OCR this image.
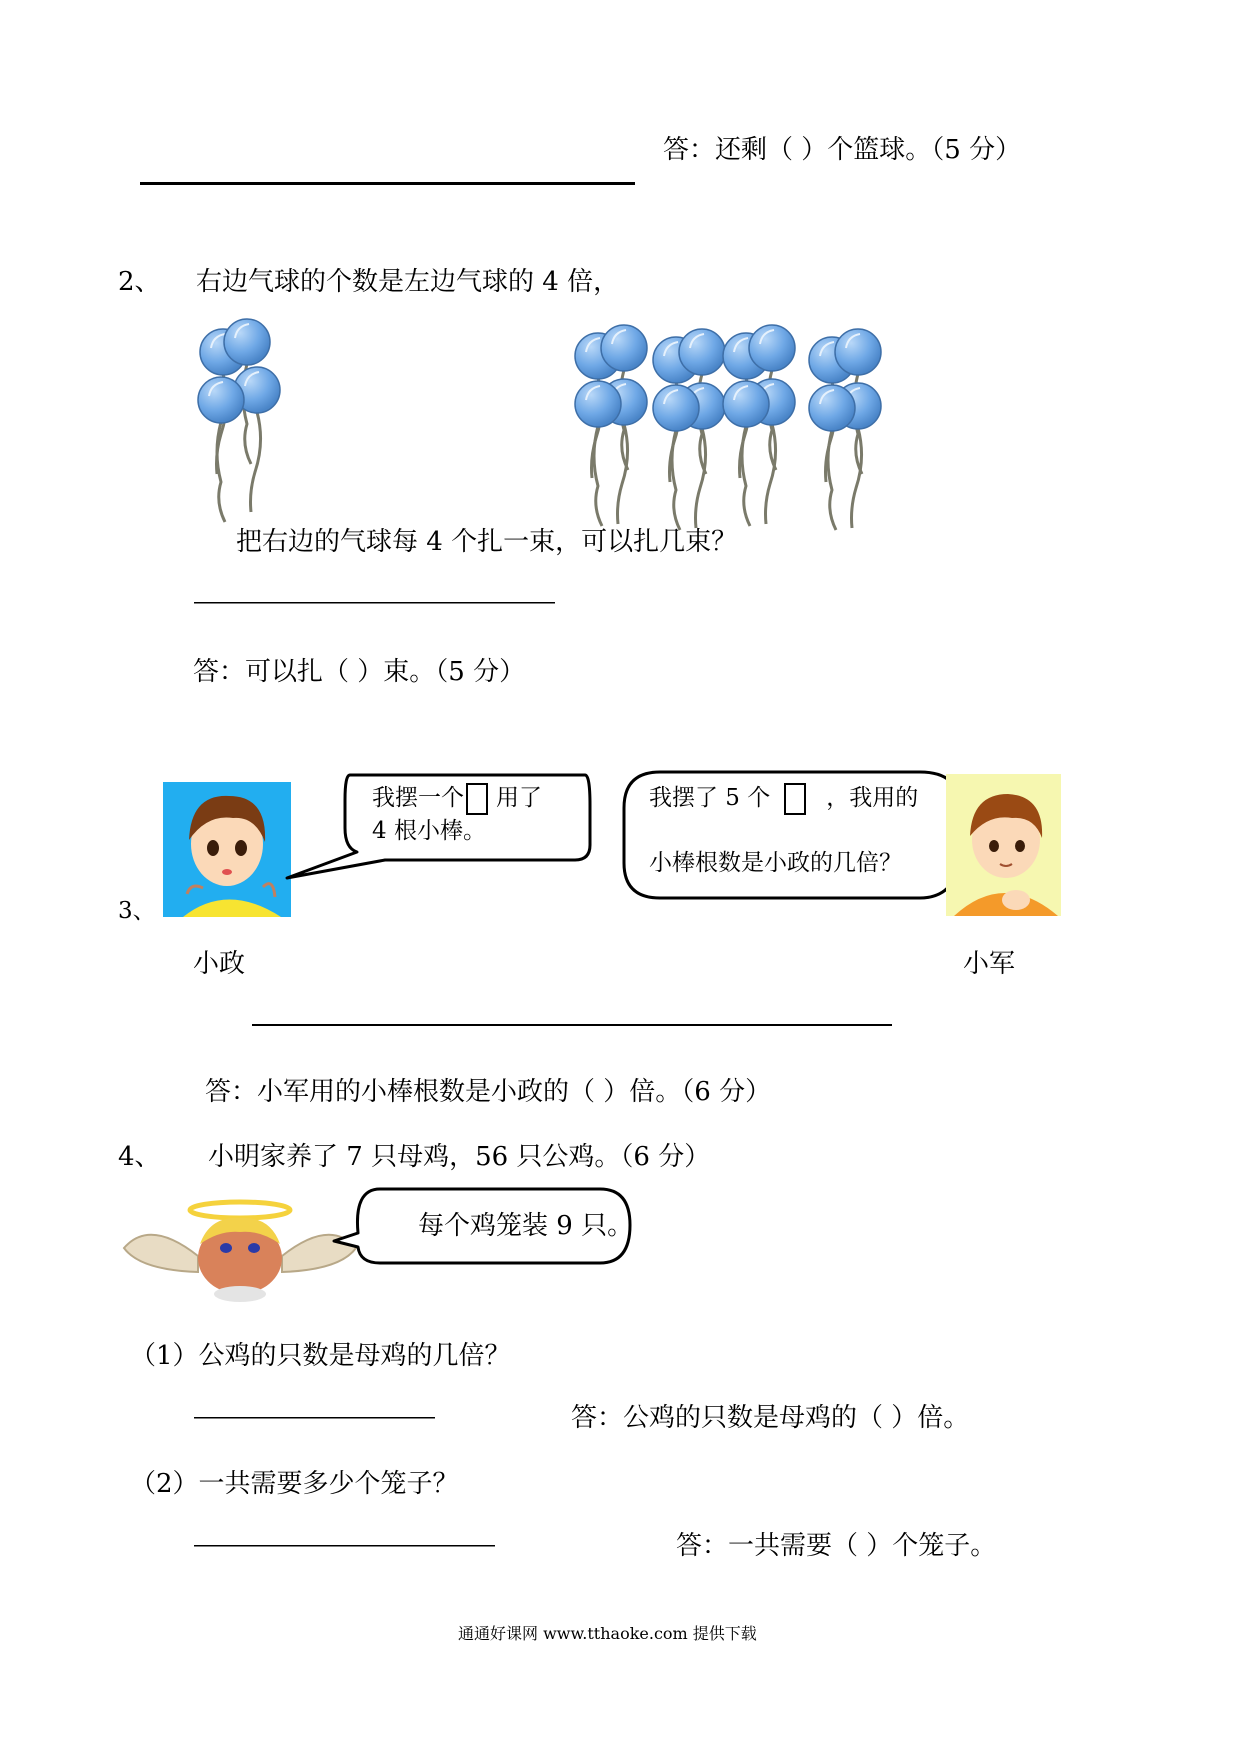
答：还剩（ ）个篮球。（5 分）
2、 右边气球的个数是左边气球的 4 倍，
把右边的气球每 4 个扎一束，可以扎几束？
——————————————————
答：可以扎（ ）束。（5 分）
3、
我摆一个 用了
4 根小棒。
我摆了 5 个 ，我用的
小棒根数是小政的几倍？
小政	小军
答：小军用的小棒根数是小政的（ ）倍。（6 分）
4、 小明家养了 7 只母鸡，56 只公鸡。（6 分）
每个鸡笼装 9 只。
（1）公鸡的只数是母鸡的几倍？
————————————	答：公鸡的只数是母鸡的（ ）倍。
（2）一共需要多少个笼子？
———————————————	答：一共需要（ ）个笼子。
通通好课网 www.tthaoke.com 提供下载
